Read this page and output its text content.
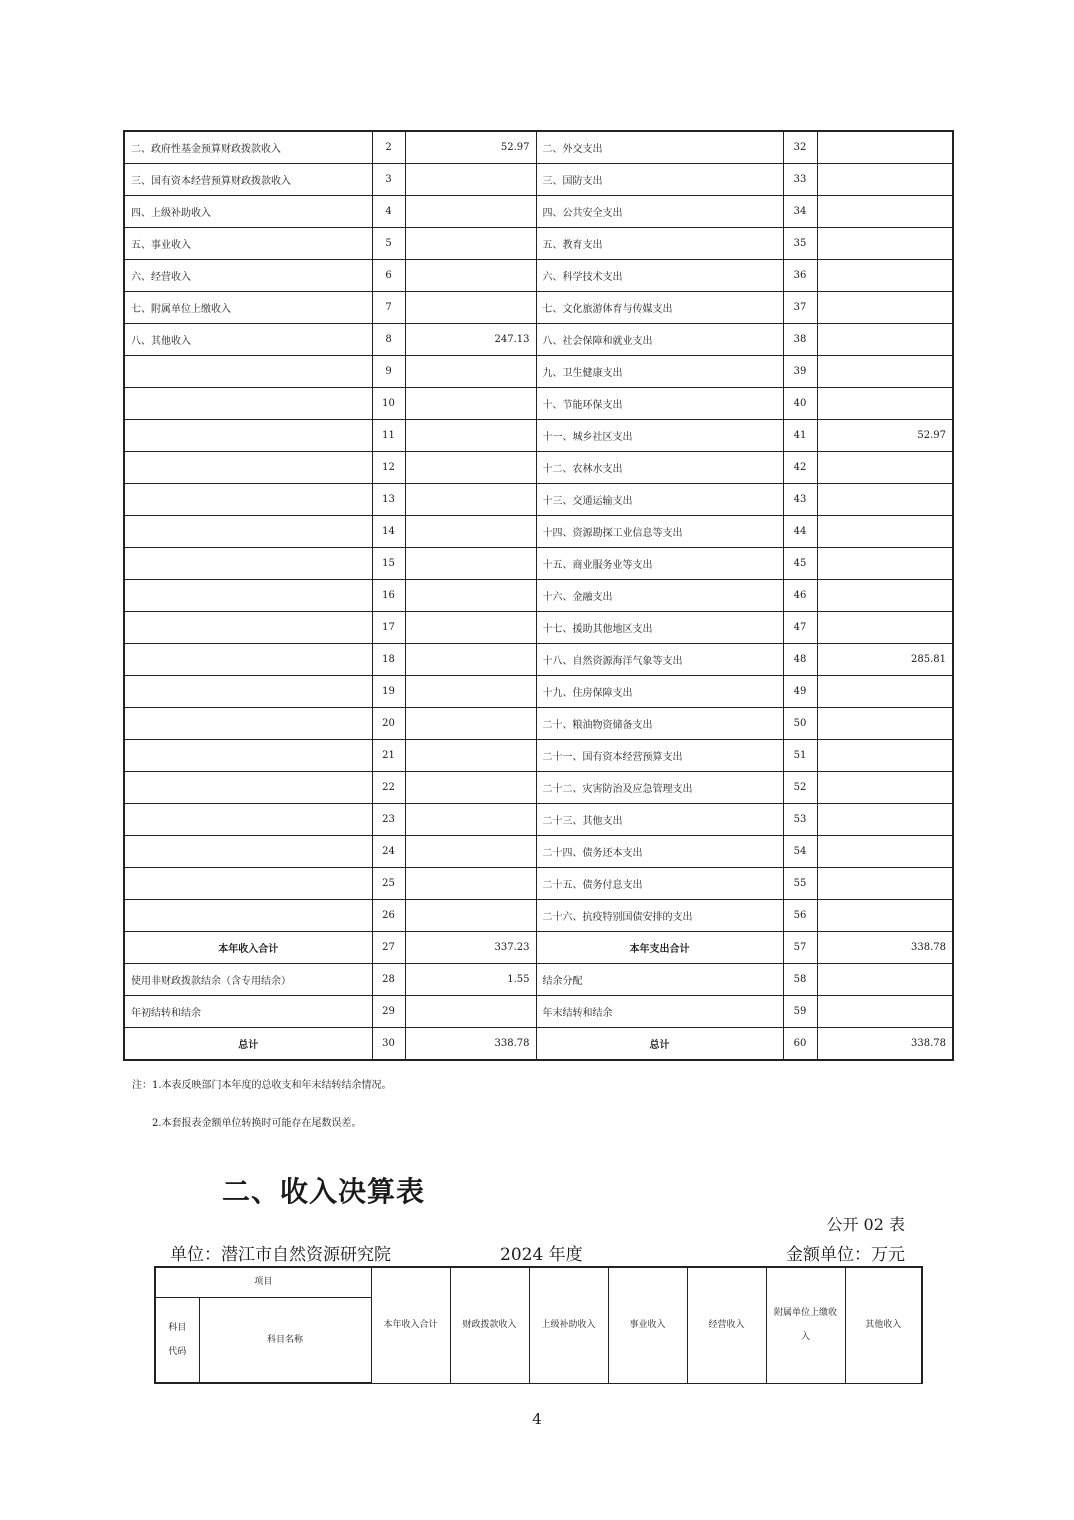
二、政府性基金预算财政拨款收入	2	52.97	二、外交支出	32	
三、国有资本经营预算财政拨款收入	3		三、国防支出	33	
四、上级补助收入	4		四、公共安全支出	34	
五、事业收入	5		五、教育支出	35	
六、经营收入	6		六、科学技术支出	36	
七、附属单位上缴收入	7		七、文化旅游体育与传媒支出	37	
八、其他收入	8	247.13	八、社会保障和就业支出	38	
	9		九、卫生健康支出	39	
	10		十、节能环保支出	40	
	11		十一、城乡社区支出	41	52.97
	12		十二、农林水支出	42	
	13		十三、交通运输支出	43	
	14		十四、资源勘探工业信息等支出	44	
	15		十五、商业服务业等支出	45	
	16		十六、金融支出	46	
	17		十七、援助其他地区支出	47	
	18		十八、自然资源海洋气象等支出	48	285.81
	19		十九、住房保障支出	49	
	20		二十、粮油物资储备支出	50	
	21		二十一、国有资本经营预算支出	51	
	22		二十二、灾害防治及应急管理支出	52	
	23		二十三、其他支出	53	
	24		二十四、债务还本支出	54	
	25		二十五、债务付息支出	55	
	26		二十六、抗疫特别国债安排的支出	56	
本年收入合计	27	337.23	本年支出合计	57	338.78
使用非财政拨款结余（含专用结余）	28	1.55	结余分配	58	
年初结转和结余	29		年末结转和结余	59	
总计	30	338.78	总计	60	338.78
注：1.本表反映部门本年度的总收支和年末结转结余情况。
2.本套报表金额单位转换时可能存在尾数误差。
二、收入决算表
公开 02 表
单位：潜江市自然资源研究院	2024 年度	金额单位：万元
项目		本年收入合计	财政拨款收入	上级补助收入	事业收入	经营收入	附属单位上缴收入	其他收入
科目代码	科目名称							
4
